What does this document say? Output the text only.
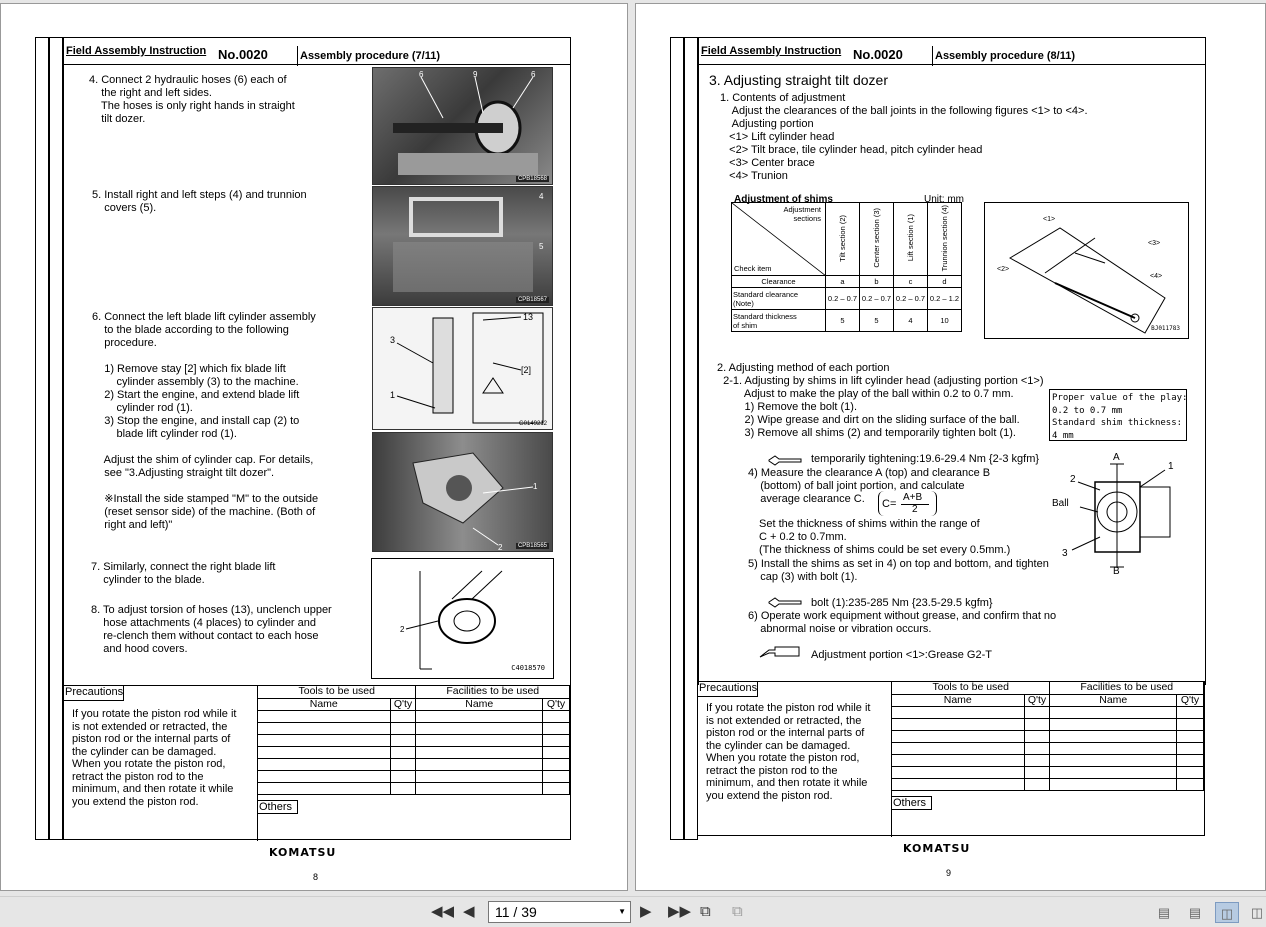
Field Assembly Instruction No.0020	Assembly procedure (7/11)
4. Connect 2 hydraulic hoses (6) each of
the right and left sides.
The hoses is only right hands in straight
tilt dozer.
5. Install right and left steps (4) and trunnion
covers (5).
6. Connect the left blade lift cylinder assembly
to the blade according to the following
procedure.

1) Remove stay [2] which fix blade lift
cylinder assembly (3) to the machine.
2) Start the engine, and extend blade lift
cylinder rod (1).
3) Stop the engine, and install cap (2) to
blade lift cylinder rod (1).

Adjust the shim of cylinder cap. For details,
see "3.Adjusting straight tilt dozer".

※Install the side stamped "M" to the outside
(reset sensor side) of the machine. (Both of
right and left)"
7. Similarly, connect the right blade lift
cylinder to the blade.
8. To adjust torsion of hoses (13), unclench upper
hose attachments (4 places) to cylinder and
re-clench them without contact to each hose
and hood covers.
6	9	6
CPB18568
4
5
CPB18567
13
[2]
3
1
G0149212
1
2	CPB18565
2
C4018570
Precautions
If you rotate the piston rod while it
is not extended or retracted, the
piston rod or the internal parts of
the cylinder can be damaged.
When you rotate the piston rod,
retract the piston rod to the
minimum, and then rotate it while
you extend the piston rod.
Tools to be used		Facilities to be used	
Name	Q'ty	Name	Q'ty

Others
KOMATSU
8
Field Assembly Instruction No.0020	Assembly procedure (8/11)
3. Adjusting straight tilt dozer
1. Contents of adjustment
Adjust the clearances of the ball joints in the following figures <1> to <4>.
Adjusting portion
<1> Lift cylinder head
<2> Tilt brace, tile cylinder head, pitch cylinder head
<3> Center brace
<4> Trunion
Adjustment of shims	Unit: mm
Adjustment
sections
Check item	Tilt section (2)	Center section (3)	Lift section (1)	Trunnion section (4)
Clearance	a	b	c	d
Standard clearance
(Note)	0.2 – 0.7	0.2 – 0.7	0.2 – 0.7	0.2 – 1.2
Standard thickness
of shim	5	5	4	10
<1>
<3>
<2>
<4>
BJ011783
2. Adjusting method of each portion
2-1. Adjusting by shims in lift cylinder head (adjusting portion <1>)
Adjust to make the play of the ball within 0.2 to 0.7 mm.
1) Remove the bolt (1).
2) Wipe grease and dirt on the sliding surface of the ball.
3) Remove all shims (2) and temporarily tighten bolt (1).
Proper value of the play:
0.2 to 0.7 mm
Standard shim thickness:
4 mm
temporarily tightening:19.6-29.4 Nm {2-3 kgfm}
4) Measure the clearance A (top) and clearance B
(bottom) of ball joint portion, and calculate
average clearance C.	C=
A+B
2
Set the thickness of shims within the range of
C + 0.2 to 0.7mm.
(The thickness of shims could be set every 0.5mm.)
5) Install the shims as set in 4) on top and bottom, and tighten
cap (3) with bolt (1).
bolt (1):235-285 Nm {23.5-29.5 kgfm}
6) Operate work equipment without grease, and confirm that no
abnormal noise or vibration occurs.
Adjustment portion <1>:Grease G2-T
A
B
1
2
3
Ball
Precautions
If you rotate the piston rod while it
is not extended or retracted, the
piston rod or the internal parts of
the cylinder can be damaged.
When you rotate the piston rod,
retract the piston rod to the
minimum, and then rotate it while
you extend the piston rod.
Tools to be used		Facilities to be used	
Name	Q'ty	Name	Q'ty

Others
KOMATSU
9
◀◀ ◀	11 / 39	▼ ▶ ▶▶ ⧉ ⧉	▤	▤	◫	◫
